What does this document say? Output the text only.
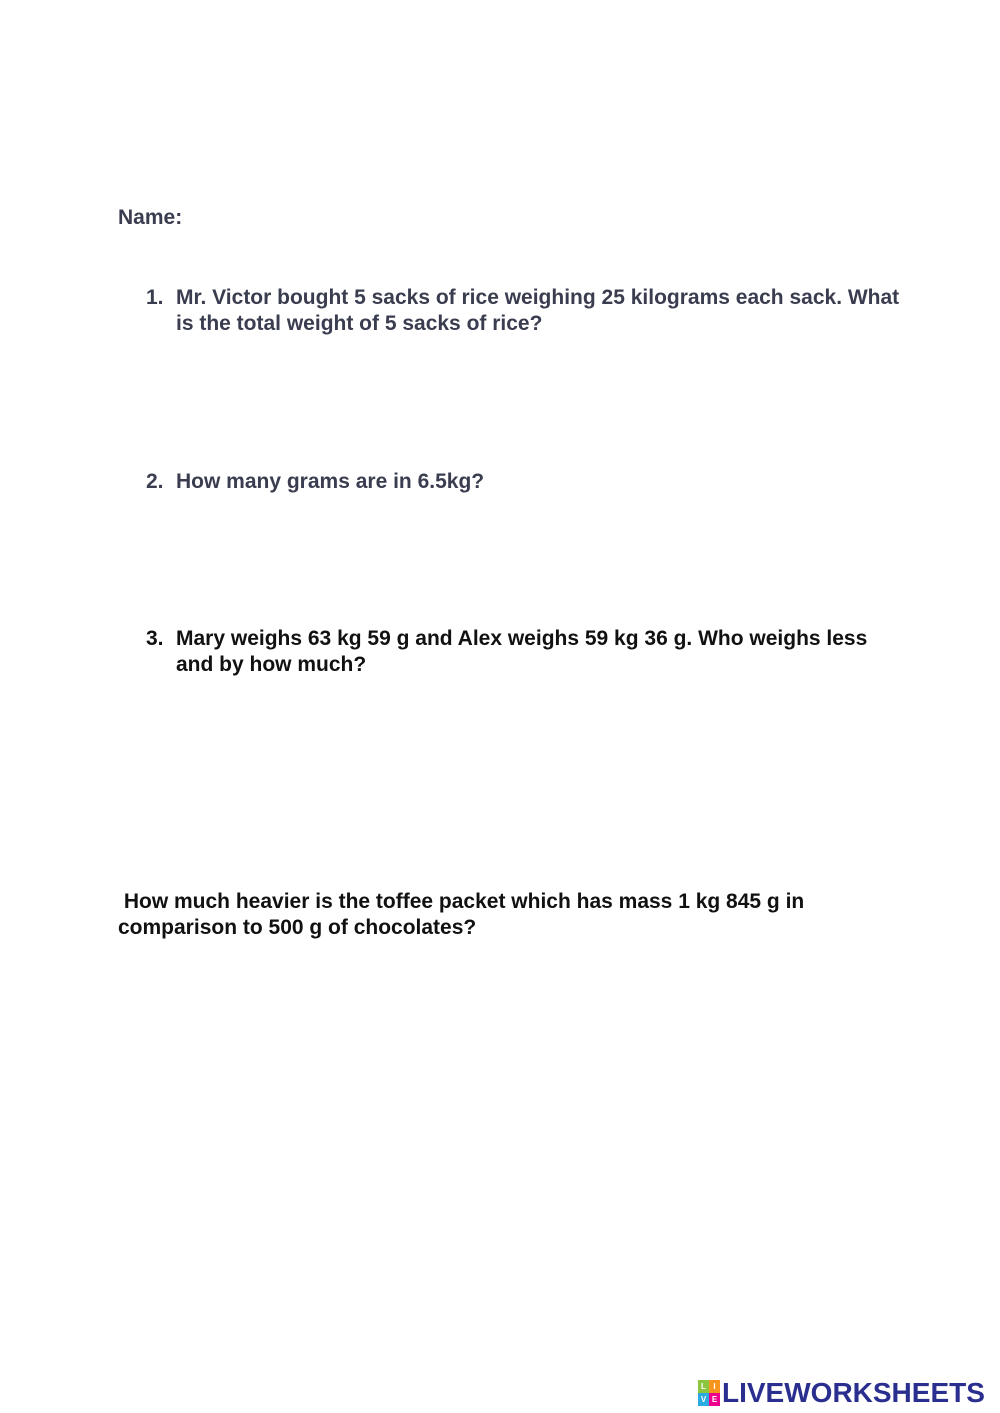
Name:
1. Mr. Victor bought 5 sacks of rice weighing 25 kilograms each sack. What is the total weight of 5 sacks of rice?
2. How many grams are in 6.5kg?
3. Mary weighs 63 kg 59 g and Alex weighs 59 kg 36 g. Who weighs less and by how much?
How much heavier is the toffee packet which has mass 1 kg 845 g in comparison to 500 g of chocolates?
L I
V E LIVEWORKSHEETS
